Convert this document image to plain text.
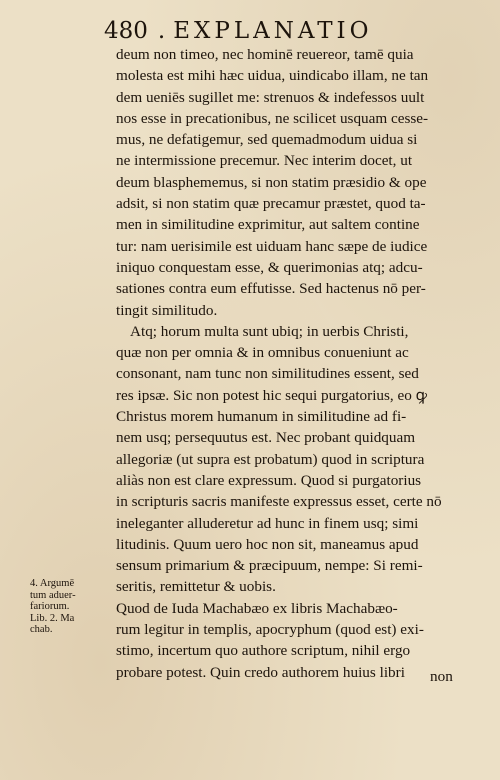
480 . EXPLANATIO
deum non timeo, nec hominē reuereor, tamē quia
molesta est mihi hæc uidua, uindicabo illam, ne tan
dem ueniēs sugillet me: strenuos & indefessos uult
nos esse in precationibus, ne scilicet usquam cesse-
mus, ne defatigemur, sed quemadmodum uidua si
ne intermissione precemur. Nec interim docet, ut
deum blasphememus, si non statim præsidio & ope
adsit, si non statim quæ precamur præstet, quod ta-
men in similitudine exprimitur, aut saltem contine
tur: nam uerisimile est uiduam hanc sæpe de iudice
iniquo conquestam esse, & querimonias atq; adcu-
sationes contra eum effutisse. Sed hactenus nō per-
tingit similitudo.
Atq; horum multa sunt ubiq; in uerbis Christi,
quæ non per omnia & in omnibus conueniunt ac
consonant, nam tunc non similitudines essent, sed
res ipsæ. Sic non potest hic sequi purgatorius, eo ꝙ
Christus morem humanum in similitudine ad fi-
nem usq; persequutus est. Nec probant quidquam
allegoriæ (ut supra est probatum) quod in scriptura
aliàs non est clare expressum. Quod si purgatorius
in scripturis sacris manifeste expressus esset, certe nō
ineleganter alluderetur ad hunc in finem usq; simi
litudinis. Quum uero hoc non sit, maneamus apud
sensum primarium & præcipuum, nempe: Si remi-
seritis, remittetur & uobis.
Quod de Iuda Machabæo ex libris Machabæo-
rum legitur in templis, apocryphum (quod est) exi-
stimo, incertum quo authore scriptum, nihil ergo
probare potest. Quin credo authorem huius libri
4. Argumē
tum aduer-
fariorum.
Lib. 2. Ma
chab.
non
